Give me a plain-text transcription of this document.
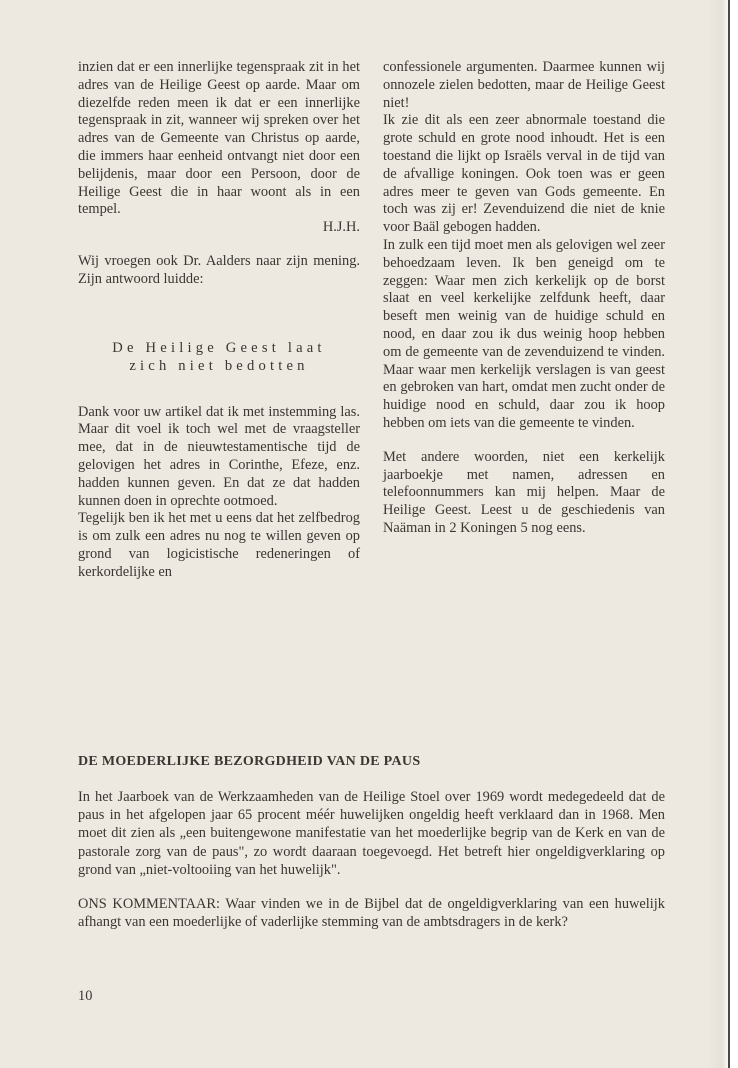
inzien dat er een innerlijke tegenspraak zit in het adres van de Heilige Geest op aarde. Maar om diezelfde reden meen ik dat er een innerlijke tegenspraak in zit, wanneer wij spreken over het adres van de Gemeente van Christus op aarde, die immers haar eenheid ontvangt niet door een belijdenis, maar door een Persoon, door de Heilige Geest die in haar woont als in een tempel.

H.J.H.

Wij vroegen ook Dr. Aalders naar zijn mening. Zijn antwoord luidde:

De Heilige Geest laat
zich niet bedotten

Dank voor uw artikel dat ik met instemming las. Maar dit voel ik toch wel met de vraagsteller mee, dat in de nieuwtestamentische tijd de gelovigen het adres in Corinthe, Efeze, enz. hadden kunnen geven. En dat ze dat hadden kunnen doen in oprechte ootmoed.

Tegelijk ben ik het met u eens dat het zelfbedrog is om zulk een adres nu nog te willen geven op grond van logicistische redeneringen of kerkordelijke en

confessionele argumenten. Daarmee kunnen wij onnozele zielen bedotten, maar de Heilige Geest niet!

Ik zie dit als een zeer abnormale toestand die grote schuld en grote nood inhoudt. Het is een toestand die lijkt op Israëls verval in de tijd van de afvallige koningen. Ook toen was er geen adres meer te geven van Gods gemeente. En toch was zij er! Zevenduizend die niet de knie voor Baäl gebogen hadden.

In zulk een tijd moet men als gelovigen wel zeer behoedzaam leven. Ik ben geneigd om te zeggen: Waar men zich kerkelijk op de borst slaat en veel kerkelijke zelfdunk heeft, daar beseft men weinig van de huidige schuld en nood, en daar zou ik dus weinig hoop hebben om de gemeente van de zevenduizend te vinden. Maar waar men kerkelijk verslagen is van geest en gebroken van hart, omdat men zucht onder de huidige nood en schuld, daar zou ik hoop hebben om iets van die gemeente te vinden.

Met andere woorden, niet een kerkelijk jaarboekje met namen, adressen en telefoonnummers kan mij helpen. Maar de Heilige Geest. Leest u de geschiedenis van Naäman in 2 Koningen 5 nog eens.

DE MOEDERLIJKE BEZORGDHEID VAN DE PAUS

In het Jaarboek van de Werkzaamheden van de Heilige Stoel over 1969 wordt medegedeeld dat de paus in het afgelopen jaar 65 procent méér huwelijken ongeldig heeft verklaard dan in 1968. Men moet dit zien als „een buitengewone manifestatie van het moederlijke begrip van de Kerk en van de pastorale zorg van de paus", zo wordt daaraan toegevoegd. Het betreft hier ongeldigverklaring op grond van „niet-voltooiing van het huwelijk".

ONS KOMMENTAAR: Waar vinden we in de Bijbel dat de ongeldigverklaring van een huwelijk afhangt van een moederlijke of vaderlijke stemming van de ambtsdragers in de kerk?

10
